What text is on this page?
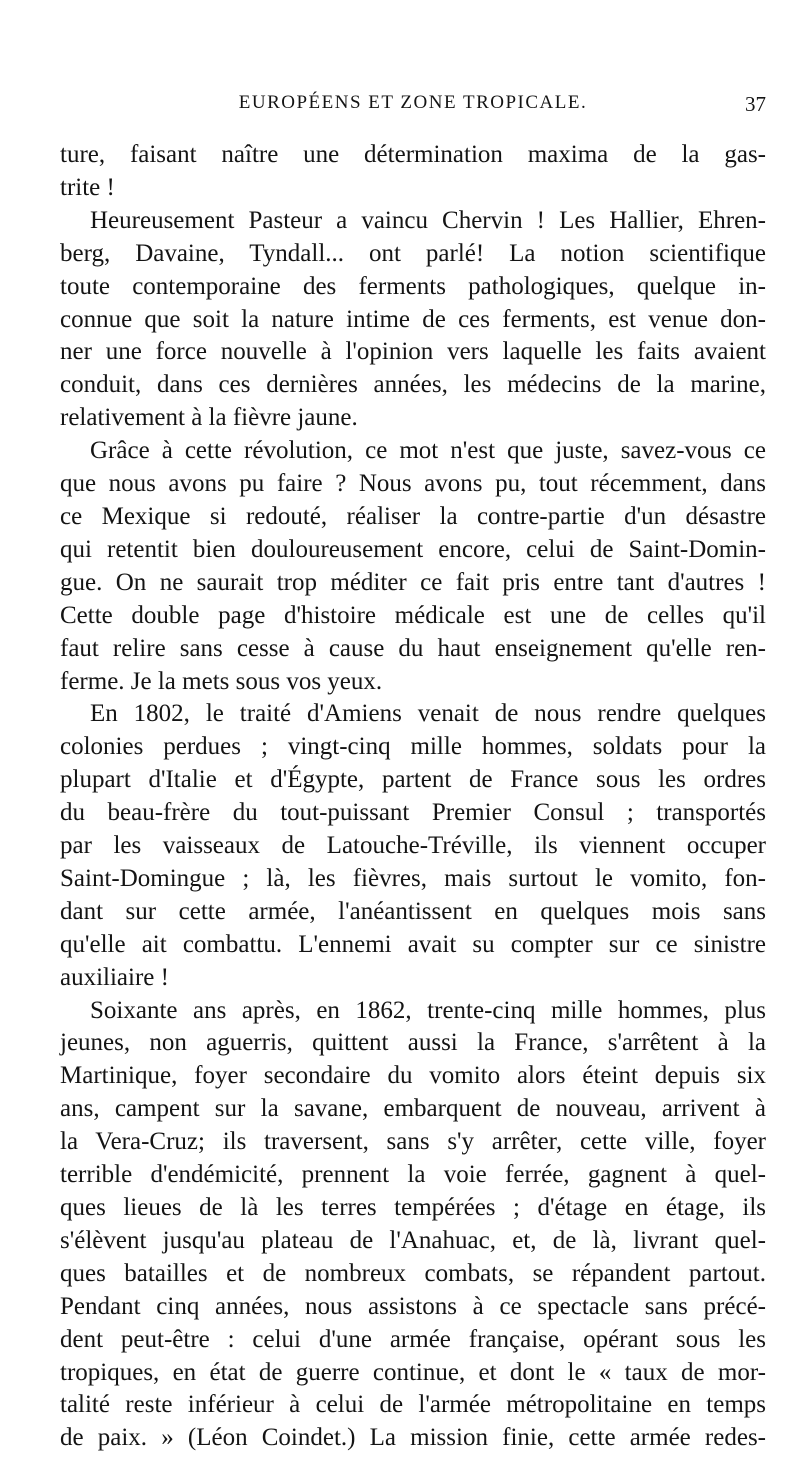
EUROPÉENS ET ZONE TROPICALE.	37

ture, faisant naître une détermination maxima de la gas-
trite !

Heureusement Pasteur a vaincu Chervin ! Les Hallier, Ehren-
berg, Davaine, Tyndall... ont parlé! La notion scientifique
toute contemporaine des ferments pathologiques, quelque in-
connue que soit la nature intime de ces ferments, est venue don-
ner une force nouvelle à l'opinion vers laquelle les faits avaient
conduit, dans ces dernières années, les médecins de la marine,
relativement à la fièvre jaune.

Grâce à cette révolution, ce mot n'est que juste, savez-vous ce
que nous avons pu faire ? Nous avons pu, tout récemment, dans
ce Mexique si redouté, réaliser la contre-partie d'un désastre
qui retentit bien douloureusement encore, celui de Saint-Domin-
gue. On ne saurait trop méditer ce fait pris entre tant d'autres !
Cette double page d'histoire médicale est une de celles qu'il
faut relire sans cesse à cause du haut enseignement qu'elle ren-
ferme. Je la mets sous vos yeux.

En 1802, le traité d'Amiens venait de nous rendre quelques
colonies perdues ; vingt-cinq mille hommes, soldats pour la
plupart d'Italie et d'Égypte, partent de France sous les ordres
du beau-frère du tout-puissant Premier Consul ; transportés
par les vaisseaux de Latouche-Tréville, ils viennent occuper
Saint-Domingue ; là, les fièvres, mais surtout le vomito, fon-
dant sur cette armée, l'anéantissent en quelques mois sans
qu'elle ait combattu. L'ennemi avait su compter sur ce sinistre
auxiliaire !

Soixante ans après, en 1862, trente-cinq mille hommes, plus
jeunes, non aguerris, quittent aussi la France, s'arrêtent à la
Martinique, foyer secondaire du vomito alors éteint depuis six
ans, campent sur la savane, embarquent de nouveau, arrivent à
la Vera-Cruz; ils traversent, sans s'y arrêter, cette ville, foyer
terrible d'endémicité, prennent la voie ferrée, gagnent à quel-
ques lieues de là les terres tempérées ; d'étage en étage, ils
s'élèvent jusqu'au plateau de l'Anahuac, et, de là, livrant quel-
ques batailles et de nombreux combats, se répandent partout.
Pendant cinq années, nous assistons à ce spectacle sans précé-
dent peut-être : celui d'une armée française, opérant sous les
tropiques, en état de guerre continue, et dont le « taux de mor-
talité reste inférieur à celui de l'armée métropolitaine en temps
de paix. » (Léon Coindet.) La mission finie, cette armée redes-
